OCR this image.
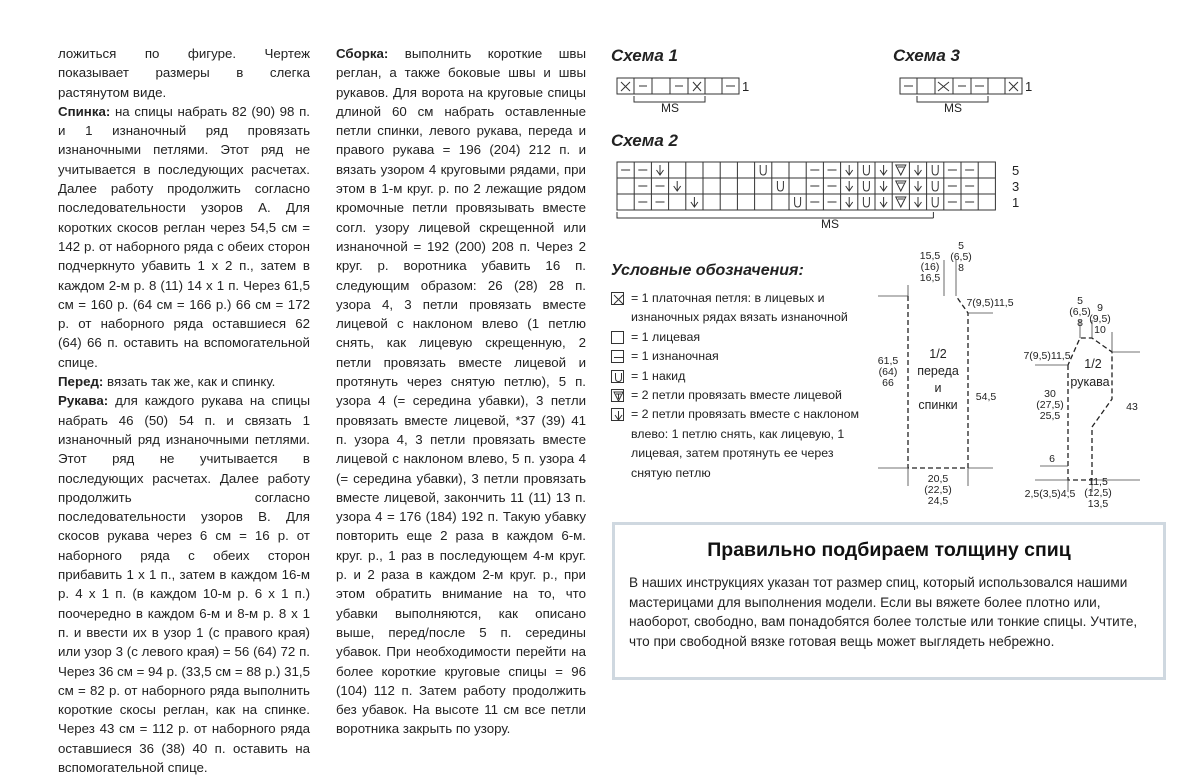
ложиться по фигуре. Чертеж показывает размеры в слегка растянутом виде.

Спинка: на спицы набрать 82 (90) 98 п. и 1 изнаночный ряд провязать изнаночными петлями. Этот ряд не учитывается в последующих расчетах. Далее работу продолжить согласно последовательности узоров А. Для коротких скосов реглан через 54,5 см = 142 р. от наборного ряда с обеих сторон подчеркнуто убавить 1 х 2 п., затем в каждом 2-м р. 8 (11) 14 х 1 п. Через 61,5 см = 160 р. (64 см = 166 р.) 66 см = 172 р. от наборного ряда оставшиеся 62 (64) 66 п. оставить на вспомогательной спице.

Перед: вязать так же, как и спинку.

Рукава: для каждого рукава на спицы набрать 46 (50) 54 п. и связать 1 изнаночный ряд изнаночными петлями. Этот ряд не учитывается в последующих расчетах. Далее работу продолжить согласно последовательности узоров В. Для скосов рукава через 6 см = 16 р. от наборного ряда с обеих сторон прибавить 1 х 1 п., затем в каждом 16-м р. 4 х 1 п. (в каждом 10-м р. 6 х 1 п.) поочередно в каждом 6-м и 8-м р. 8 х 1 п. и ввести их в узор 1 (с правого края) или узор 3 (с левого края) = 56 (64) 72 п. Через 36 см = 94 р. (33,5 см = 88 р.) 31,5 см = 82 р. от наборного ряда выполнить короткие скосы реглан, как на спинке. Через 43 см = 112 р. от наборного ряда оставшиеся 36 (38) 40 п. оставить на вспомогательной спице.

Сборка: выполнить короткие швы реглан, а также боковые швы и швы рукавов. Для ворота на круговые спицы длиной 60 см набрать оставленные петли спинки, левого рукава, переда и правого рукава = 196 (204) 212 п. и вязать узором 4 круговыми рядами, при этом в 1-м круг. р. по 2 лежащие рядом кромочные петли провязывать вместе согл. узору лицевой скрещенной или изнаночной = 192 (200) 208 п. Через 2 круг. р. воротника убавить 16 п. следующим образом: 26 (28) 28 п. узора 4, 3 петли провязать вместе лицевой с наклоном влево (1 петлю снять, как лицевую скрещенную, 2 петли провязать вместе лицевой и протянуть через снятую петлю), 5 п. узора 4 (= середина убавки), 3 петли провязать вместе лицевой, *37 (39) 41 п. узора 4, 3 петли провязать вместе лицевой с наклоном влево, 5 п. узора 4 (= середина убавки), 3 петли провязать вместе лицевой, закончить 11 (11) 13 п. узора 4 = 176 (184) 192 п. Такую убавку повторить еще 2 раза в каждом 6-м. круг. р., 1 раз в последующем 4-м круг. р. и 2 раза в каждом 2-м круг. р., при этом обратить внимание на то, что убавки выполняются, как описано выше, перед/после 5 п. середины убавок. При необходимости перейти на более короткие круговые спицы = 96 (104) 112 п. Затем работу продолжить без убавок. На высоте 11 см все петли воротника закрыть по узору.

Схема 1	Схема 3
Схема 2
1
MS
1
MS
5
3
1
MS
Условные обозначения:
= 1 платочная петля: в лицевых и изнаночных рядах вязать изнаночной
= 1 лицевая
= 1 изнаночная
= 1 накид
= 2 петли провязать вместе лицевой
= 2 петли провязать вместе с наклоном влево: 1 петлю снять, как лицевую, 1 лицевая, затем протянуть ее через снятую петлю
15,5
(16)
16,5
5
(6,5)
8
7(9,5)11,5
61,5
(64)
66
54,5
20,5
(22,5)
24,5
1/2
переда
и
спинки
5
(6,5)
8
9
(9,5)
10
7(9,5)11,5
30
(27,5)
25,5
43
6
2,5(3,5)4,5
11,5
(12,5)
13,5
1/2
рукава
Правильно подбираем толщину спиц
В наших инструкциях указан тот размер спиц, который использовался нашими мастерицами для выполнения модели. Если вы вяжете более плотно или, наоборот, свободно, вам понадобятся более толстые или тонкие спицы. Учтите, что при свободной вязке готовая вещь может выглядеть небрежно.
